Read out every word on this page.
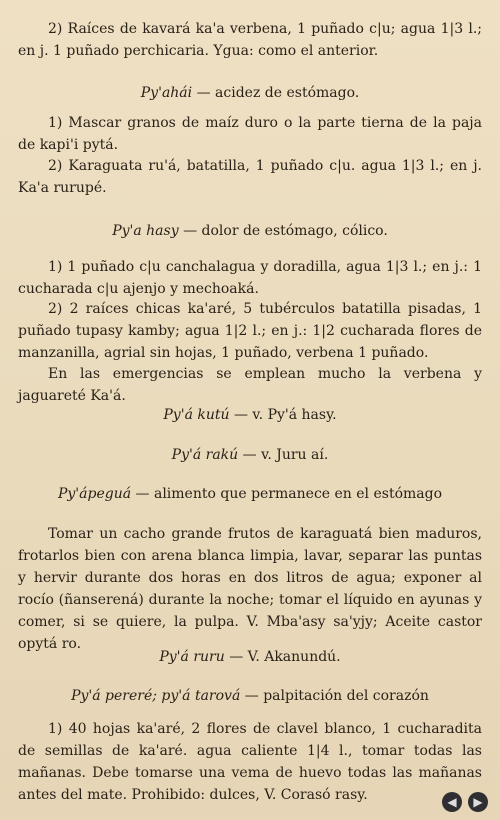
2) Raíces de kavará ka'a verbena, 1 puñado c|u; agua 1|3 l.; en j. 1 puñado perchicaria. Ygua: como el anterior.

Py'ahái — acidez de estómago.

1) Mascar granos de maíz duro o la parte tierna de la paja de kapi'i pytá.

2) Karaguata ru'á, batatilla, 1 puñado c|u. agua 1|3 l.; en j. Ka'a rurupé.

Py'a hasy — dolor de estómago, cólico.

1) 1 puñado c|u canchalagua y doradilla, agua 1|3 l.; en j.: 1 cucharada c|u ajenjo y mechoaká.

2) 2 raíces chicas ka'aré, 5 tubérculos batatilla pisadas, 1 puñado tupasy kamby; agua 1|2 l.; en j.: 1|2 cucharada flores de manzanilla, agrial sin hojas, 1 puñado, verbena 1 puñado.

En las emergencias se emplean mucho la verbena y jaguareté Ka'á.

Py'á kutú — v. Py'á hasy.

Py'á rakú — v. Juru aí.

Py'ápeguá — alimento que permanece en el estómago

Tomar un cacho grande frutos de karaguatá bien maduros, frotarlos bien con arena blanca limpia, lavar, separar las puntas y hervir durante dos horas en dos litros de agua; exponer al rocío (ñanserená) durante la noche; tomar el líquido en ayunas y comer, si se quiere, la pulpa. V. Mba'asy sa'yjy; Aceite castor opytá ro.

Py'á ruru — V. Akanundú.

Py'á pereré; py'á tarová — palpitación del corazón

1) 40 hojas ka'aré, 2 flores de clavel blanco, 1 cucharadita de semillas de ka'aré. agua caliente 1|4 l., tomar todas las mañanas. Debe tomarse una vema de huevo todas las mañanas antes del mate. Prohibido: dulces, V. Corasó rasy.	◀ ▶
